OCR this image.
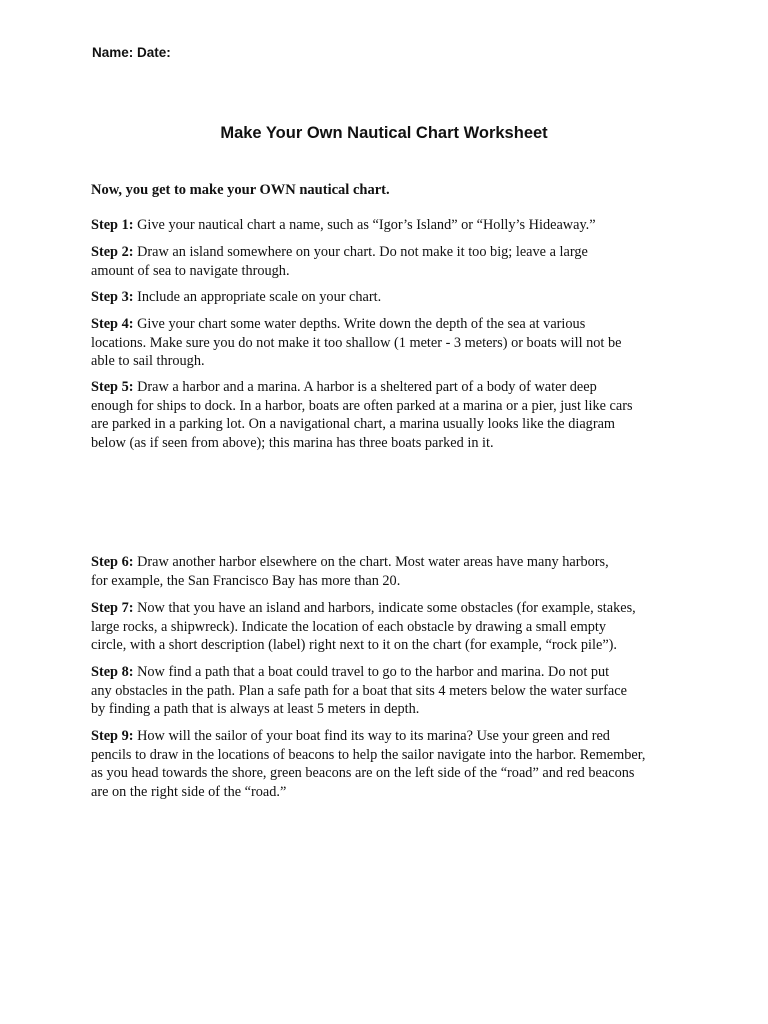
Name: Date:
Make Your Own Nautical Chart Worksheet
Now, you get to make your OWN nautical chart.
Step 1: Give your nautical chart a name, such as “Igor’s Island” or “Holly’s Hideaway.”
Step 2: Draw an island somewhere on your chart. Do not make it too big; leave a large
amount of sea to navigate through.
Step 3: Include an appropriate scale on your chart.
Step 4: Give your chart some water depths. Write down the depth of the sea at various
locations. Make sure you do not make it too shallow (1 meter - 3 meters) or boats will not be
able to sail through.
Step 5: Draw a harbor and a marina. A harbor is a sheltered part of a body of water deep
enough for ships to dock. In a harbor, boats are often parked at a marina or a pier, just like cars
are parked in a parking lot. On a navigational chart, a marina usually looks like the diagram
below (as if seen from above); this marina has three boats parked in it.
Step 6: Draw another harbor elsewhere on the chart. Most water areas have many harbors,
for example, the San Francisco Bay has more than 20.
Step 7: Now that you have an island and harbors, indicate some obstacles (for example, stakes,
large rocks, a shipwreck). Indicate the location of each obstacle by drawing a small empty
circle, with a short description (label) right next to it on the chart (for example, “rock pile”).
Step 8: Now find a path that a boat could travel to go to the harbor and marina. Do not put
any obstacles in the path. Plan a safe path for a boat that sits 4 meters below the water surface
by finding a path that is always at least 5 meters in depth.
Step 9: How will the sailor of your boat find its way to its marina? Use your green and red
pencils to draw in the locations of beacons to help the sailor navigate into the harbor. Remember,
as you head towards the shore, green beacons are on the left side of the “road” and red beacons
are on the right side of the “road.”
